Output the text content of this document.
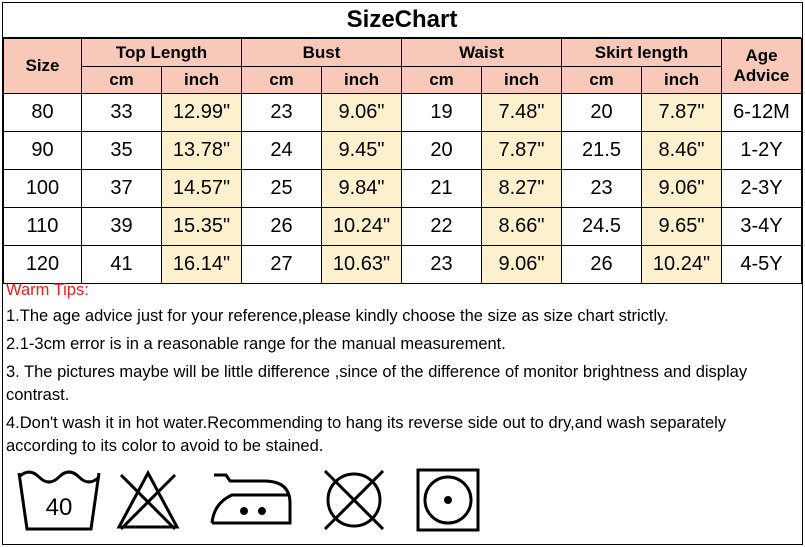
SizeChart
Size	Top Length		Bust		Waist		Skirt length		Age
Advice
	cm	inch	cm	inch	cm	inch	cm	inch	
80	33	12.99"	23	9.06"	19	7.48"	20	7.87"	6-12M
90	35	13.78"	24	9.45"	20	7.87"	21.5	8.46"	1-2Y
100	37	14.57"	25	9.84"	21	8.27"	23	9.06"	2-3Y
110	39	15.35"	26	10.24"	22	8.66"	24.5	9.65"	3-4Y
120	41	16.14"	27	10.63"	23	9.06"	26	10.24"	4-5Y
Warm Tips:

1.The age advice just for your reference,please kindly choose the size as size chart strictly.

2.1-3cm error is in a reasonable range for the manual measurement.

3. The pictures maybe will be little difference ,since of the difference of monitor brightness and display contrast.

4.Don't wash it in hot water.Recommending to hang its reverse side out to dry,and wash separately according to its color to avoid to be stained.

40
